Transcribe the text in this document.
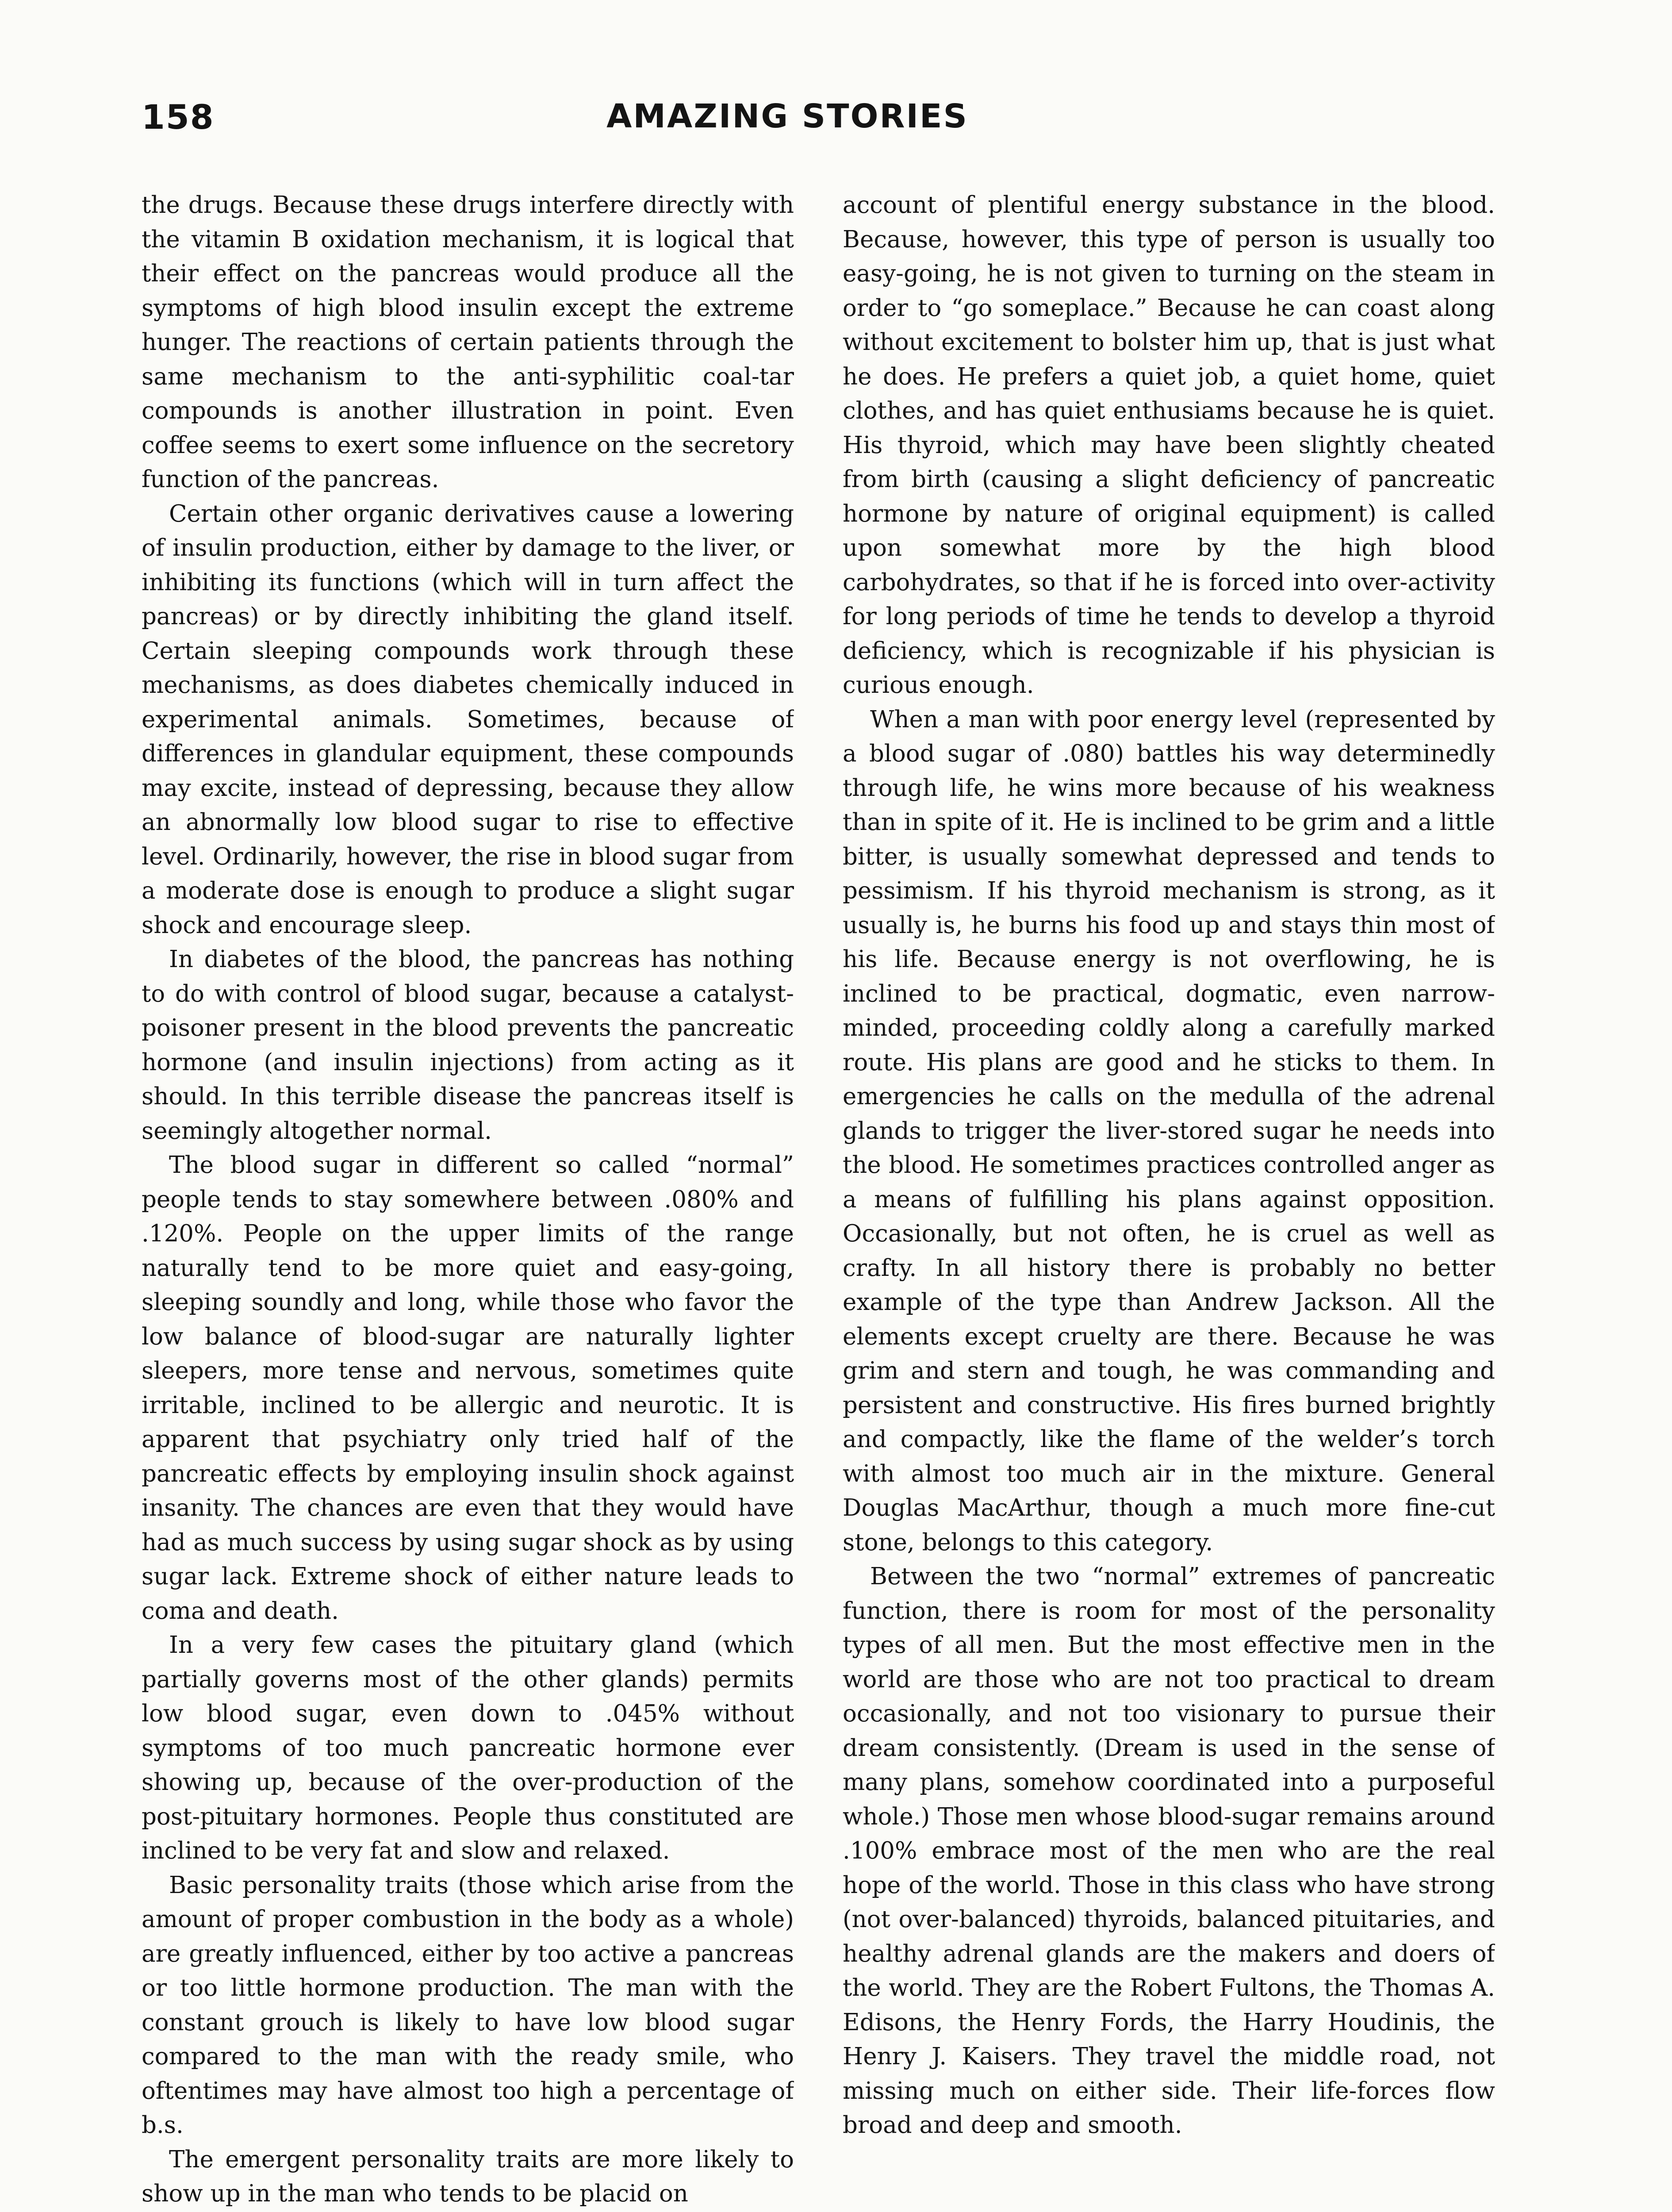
158	AMAZING STORIES

the drugs. Because these drugs interfere directly with the vitamin B oxidation mechanism, it is logical that their effect on the pancreas would produce all the symptoms of high blood insulin except the extreme hunger. The reactions of certain patients through the same mechanism to the anti-syphilitic coal-tar compounds is another illustration in point. Even coffee seems to exert some influence on the secretory function of the pancreas.

Certain other organic derivatives cause a lowering of insulin production, either by damage to the liver, or inhibiting its functions (which will in turn affect the pancreas) or by directly inhibiting the gland itself. Certain sleeping compounds work through these mechanisms, as does diabetes chemically induced in experimental animals. Sometimes, because of differences in glandular equipment, these compounds may excite, instead of depressing, because they allow an abnormally low blood sugar to rise to effective level. Ordinarily, however, the rise in blood sugar from a moderate dose is enough to produce a slight sugar shock and encourage sleep.

In diabetes of the blood, the pancreas has nothing to do with control of blood sugar, because a catalyst-poisoner present in the blood prevents the pancreatic hormone (and insulin injections) from acting as it should. In this terrible disease the pancreas itself is seemingly altogether normal.

The blood sugar in different so called “normal” people tends to stay somewhere between .080% and .120%. People on the upper limits of the range naturally tend to be more quiet and easy-going, sleeping soundly and long, while those who favor the low balance of blood-sugar are naturally lighter sleepers, more tense and nervous, sometimes quite irritable, inclined to be allergic and neurotic. It is apparent that psychiatry only tried half of the pancreatic effects by employing insulin shock against insanity. The chances are even that they would have had as much success by using sugar shock as by using sugar lack. Extreme shock of either nature leads to coma and death.

In a very few cases the pituitary gland (which partially governs most of the other glands) permits low blood sugar, even down to .045% without symptoms of too much pancreatic hormone ever showing up, because of the over-production of the post-pituitary hormones. People thus constituted are inclined to be very fat and slow and relaxed.

Basic personality traits (those which arise from the amount of proper combustion in the body as a whole) are greatly influenced, either by too active a pancreas or too little hormone production. The man with the constant grouch is likely to have low blood sugar compared to the man with the ready smile, who oftentimes may have almost too high a percentage of b.s.

The emergent personality traits are more likely to show up in the man who tends to be placid on

account of plentiful energy substance in the blood. Because, however, this type of person is usually too easy-going, he is not given to turning on the steam in order to “go someplace.” Because he can coast along without excitement to bolster him up, that is just what he does. He prefers a quiet job, a quiet home, quiet clothes, and has quiet enthusiams because he is quiet. His thyroid, which may have been slightly cheated from birth (causing a slight deficiency of pancreatic hormone by nature of original equipment) is called upon somewhat more by the high blood carbohydrates, so that if he is forced into over-activity for long periods of time he tends to develop a thyroid deficiency, which is recognizable if his physician is curious enough.

When a man with poor energy level (represented by a blood sugar of .080) battles his way determinedly through life, he wins more because of his weakness than in spite of it. He is inclined to be grim and a little bitter, is usually somewhat depressed and tends to pessimism. If his thyroid mechanism is strong, as it usually is, he burns his food up and stays thin most of his life. Because energy is not overflowing, he is inclined to be practical, dogmatic, even narrow-minded, proceeding coldly along a carefully marked route. His plans are good and he sticks to them. In emergencies he calls on the medulla of the adrenal glands to trigger the liver-stored sugar he needs into the blood. He sometimes practices controlled anger as a means of fulfilling his plans against opposition. Occasionally, but not often, he is cruel as well as crafty. In all history there is probably no better example of the type than Andrew Jackson. All the elements except cruelty are there. Because he was grim and stern and tough, he was commanding and persistent and constructive. His fires burned brightly and compactly, like the flame of the welder’s torch with almost too much air in the mixture. General Douglas MacArthur, though a much more fine-cut stone, belongs to this category.

Between the two “normal” extremes of pancreatic function, there is room for most of the personality types of all men. But the most effective men in the world are those who are not too practical to dream occasionally, and not too visionary to pursue their dream consistently. (Dream is used in the sense of many plans, somehow coordinated into a purposeful whole.) Those men whose blood-sugar remains around .100% embrace most of the men who are the real hope of the world. Those in this class who have strong (not over-balanced) thyroids, balanced pituitaries, and healthy adrenal glands are the makers and doers of the world. They are the Robert Fultons, the Thomas A. Edisons, the Henry Fords, the Harry Houdinis, the Henry J. Kaisers. They travel the middle road, not missing much on either side. Their life-forces flow broad and deep and smooth.
